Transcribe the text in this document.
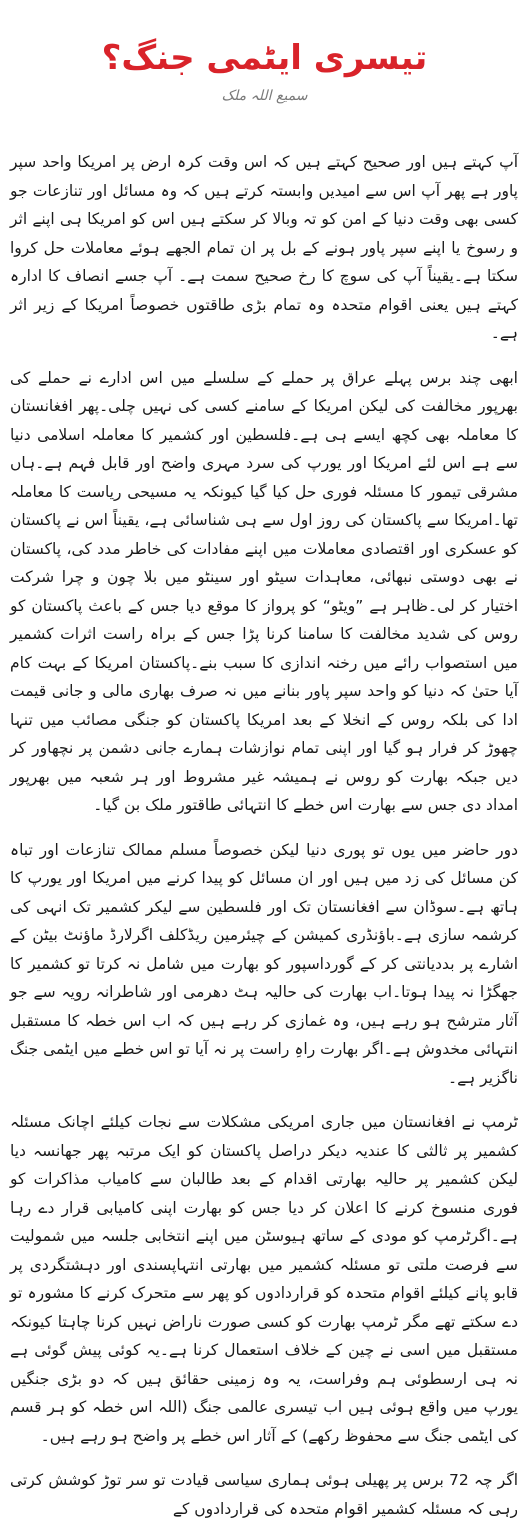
تیسری ایٹمی جنگ؟
سمیع اللہ ملک

آپ کہتے ہیں اور صحیح کہتے ہیں کہ اس وقت کرہ ارض پر امریکا واحد سپر پاور ہے پھر آپ اس سے امیدیں وابستہ کرتے ہیں کہ وہ مسائل اور تنازعات جو کسی بھی وقت دنیا کے امن کو تہ وبالا کر سکتے ہیں اس کو امریکا ہی اپنے اثر و رسوخ یا اپنے سپر پاور ہونے کے بل پر ان تمام الجھے ہوئے معاملات حل کروا سکتا ہے۔یقیناً آپ کی سوچ کا رخ صحیح سمت ہے۔ آپ جسے انصاف کا ادارہ کہتے ہیں یعنی اقوام متحدہ وہ تمام بڑی طاقتوں خصوصاً امریکا کے زیر اثر ہے۔

ابھی چند برس پہلے عراق پر حملے کے سلسلے میں اس ادارے نے حملے کی بھرپور مخالفت کی لیکن امریکا کے سامنے کسی کی نہیں چلی۔پھر افغانستان کا معاملہ بھی کچھ ایسے ہی ہے۔فلسطین اور کشمیر کا معاملہ اسلامی دنیا سے ہے اس لئے امریکا اور یورپ کی سرد مہری واضح اور قابل فہم ہے۔ہاں مشرقی تیمور کا مسئلہ فوری حل کیا گیا کیونکہ یہ مسیحی ریاست کا معاملہ تھا۔امریکا سے پاکستان کی روز اول سے ہی شناسائی ہے، یقیناً اس نے پاکستان کو عسکری اور اقتصادی معاملات میں اپنے مفادات کی خاطر مدد کی، پاکستان نے بھی دوستی نبھائی، معاہدات سیٹو اور سینٹو میں بلا چون و چرا شرکت اختیار کر لی۔ظاہر ہے ”ویٹو“ کو پرواز کا موقع دیا جس کے باعث پاکستان کو روس کی شدید مخالفت کا سامنا کرنا پڑا جس کے براہ راست اثرات کشمیر میں استصواب رائے میں رخنہ اندازی کا سبب بنے۔پاکستان امریکا کے بہت کام آیا حتیٰ کہ دنیا کو واحد سپر پاور بنانے میں نہ صرف بھاری مالی و جانی قیمت ادا کی بلکہ روس کے انخلا کے بعد امریکا پاکستان کو جنگی مصائب میں تنہا چھوڑ کر فرار ہو گیا اور اپنی تمام نوازشات ہمارے جانی دشمن پر نچھاور کر دیں جبکہ بھارت کو روس نے ہمیشہ غیر مشروط اور ہر شعبہ میں بھرپور امداد دی جس سے بھارت اس خطے کا انتہائی طاقتور ملک بن گیا۔

دور حاضر میں یوں تو پوری دنیا لیکن خصوصاً مسلم ممالک تنازعات اور تباہ کن مسائل کی زد میں ہیں اور ان مسائل کو پیدا کرنے میں امریکا اور یورپ کا ہاتھ ہے۔سوڈان سے افغانستان تک اور فلسطین سے لیکر کشمیر تک انہی کی کرشمہ سازی ہے۔باؤنڈری کمیشن کے چیئرمین ریڈکلف اگرلارڈ ماؤنٹ بیٹن کے اشارے پر بددیانتی کر کے گورداسپور کو بھارت میں شامل نہ کرتا تو کشمیر کا جھگڑا نہ پیدا ہوتا۔اب بھارت کی حالیہ ہٹ دھرمی اور شاطرانہ رویہ سے جو آثار مترشح ہو رہے ہیں، وہ غمازی کر رہے ہیں کہ اب اس خطہ کا مستقبل انتہائی مخدوش ہے۔اگر بھارت راہِ راست پر نہ آیا تو اس خطے میں ایٹمی جنگ ناگزیر ہے۔

ٹرمپ نے افغانستان میں جاری امریکی مشکلات سے نجات کیلئے اچانک مسئلہ کشمیر پر ثالثی کا عندیہ دیکر دراصل پاکستان کو ایک مرتبہ پھر جھانسہ دیا لیکن کشمیر پر حالیہ بھارتی اقدام کے بعد طالبان سے کامیاب مذاکرات کو فوری منسوخ کرنے کا اعلان کر دیا جس کو بھارت اپنی کامیابی قرار دے رہا ہے۔اگرٹرمپ کو مودی کے ساتھ ہیوسٹن میں اپنے انتخابی جلسہ میں شمولیت سے فرصت ملتی تو مسئلہ کشمیر میں بھارتی انتہاپسندی اور دہشتگردی پر قابو پانے کیلئے اقوام متحدہ کو قراردادوں کو پھر سے متحرک کرنے کا مشورہ تو دے سکتے تھے مگر ٹرمپ بھارت کو کسی صورت ناراض نہیں کرنا چاہتا کیونکہ مستقبل میں اسی نے چین کے خلاف استعمال کرنا ہے۔یہ کوئی پیش گوئی ہے نہ ہی ارسطوئی ہم وفراست، یہ وہ زمینی حقائق ہیں کہ دو بڑی جنگیں یورپ میں واقع ہوئی ہیں اب تیسری عالمی جنگ (اللہ اس خطہ کو ہر قسم کی ایٹمی جنگ سے محفوظ رکھے) کے آثار اس خطے پر واضح ہو رہے ہیں۔

اگر چہ 72 برس پر پھیلی ہوئی ہماری سیاسی قیادت تو سر توڑ کوشش کرتی رہی کہ مسئلہ کشمیر اقوام متحدہ کی قراردادوں کے
